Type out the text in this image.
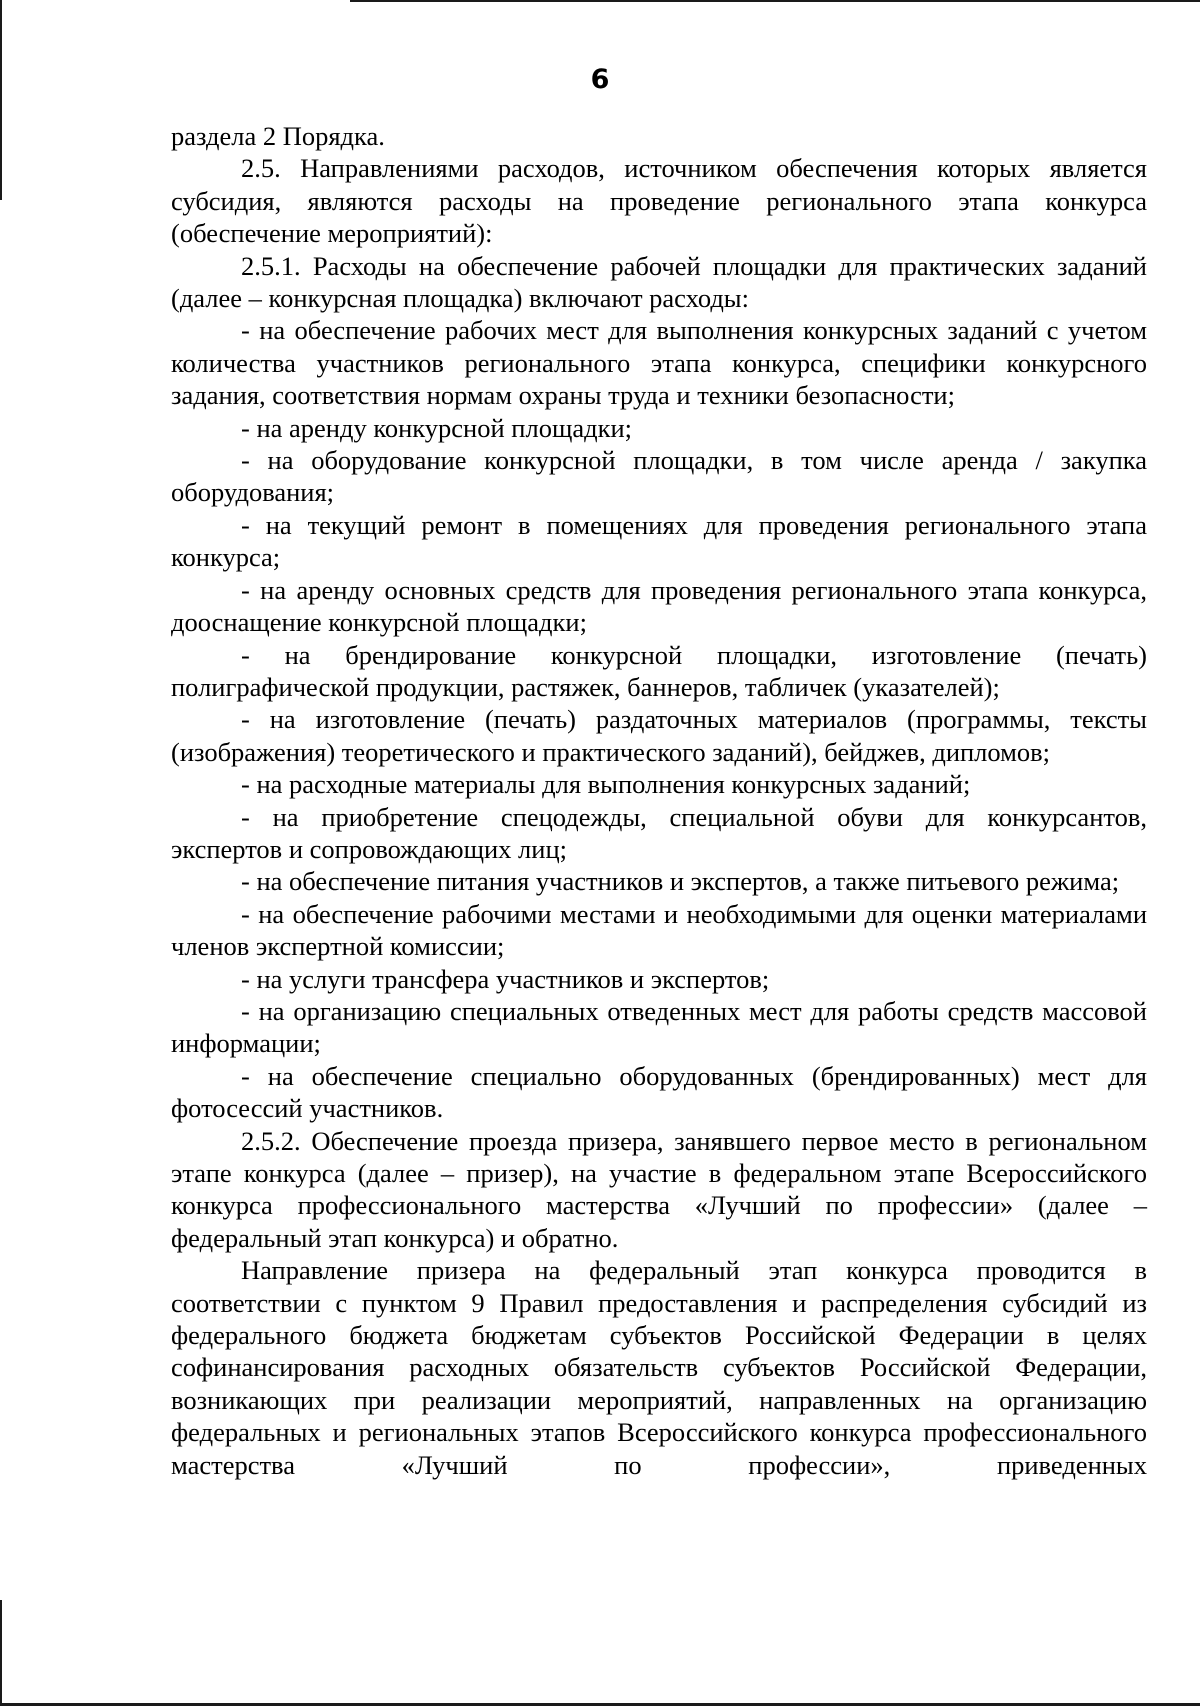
6

раздела 2 Порядка.

2.5. Направлениями расходов, источником обеспечения которых является субсидия, являются расходы на проведение регионального этапа конкурса (обеспечение мероприятий):

2.5.1. Расходы на обеспечение рабочей площадки для практических заданий (далее – конкурсная площадка) включают расходы:

- на обеспечение рабочих мест для выполнения конкурсных заданий с учетом количества участников регионального этапа конкурса, специфики конкурсного задания, соответствия нормам охраны труда и техники безопасности;

- на аренду конкурсной площадки;

- на оборудование конкурсной площадки, в том числе аренда / закупка оборудования;

- на текущий ремонт в помещениях для проведения регионального этапа конкурса;

- на аренду основных средств для проведения регионального этапа конкурса, дооснащение конкурсной площадки;

- на брендирование конкурсной площадки, изготовление (печать) полиграфической продукции, растяжек, баннеров, табличек (указателей);

- на изготовление (печать) раздаточных материалов (программы, тексты (изображения) теоретического и практического заданий), бейджев, дипломов;

- на расходные материалы для выполнения конкурсных заданий;

- на приобретение спецодежды, специальной обуви для конкурсантов, экспертов и сопровождающих лиц;

- на обеспечение питания участников и экспертов, а также питьевого режима;

- на обеспечение рабочими местами и необходимыми для оценки материалами членов экспертной комиссии;

- на услуги трансфера участников и экспертов;

- на организацию специальных отведенных мест для работы средств массовой информации;

- на обеспечение специально оборудованных (брендированных) мест для фотосессий участников.

2.5.2. Обеспечение проезда призера, занявшего первое место в региональном этапе конкурса (далее – призер), на участие в федеральном этапе Всероссийского конкурса профессионального мастерства «Лучший по профессии» (далее – федеральный этап конкурса) и обратно.

Направление призера на федеральный этап конкурса проводится в соответствии с пунктом 9 Правил предоставления и распределения субсидий из федерального бюджета бюджетам субъектов Российской Федерации в целях софинансирования расходных обязательств субъектов Российской Федерации, возникающих при реализации мероприятий, направленных на организацию федеральных и региональных этапов Всероссийского конкурса профессионального мастерства «Лучший по профессии», приведенных
